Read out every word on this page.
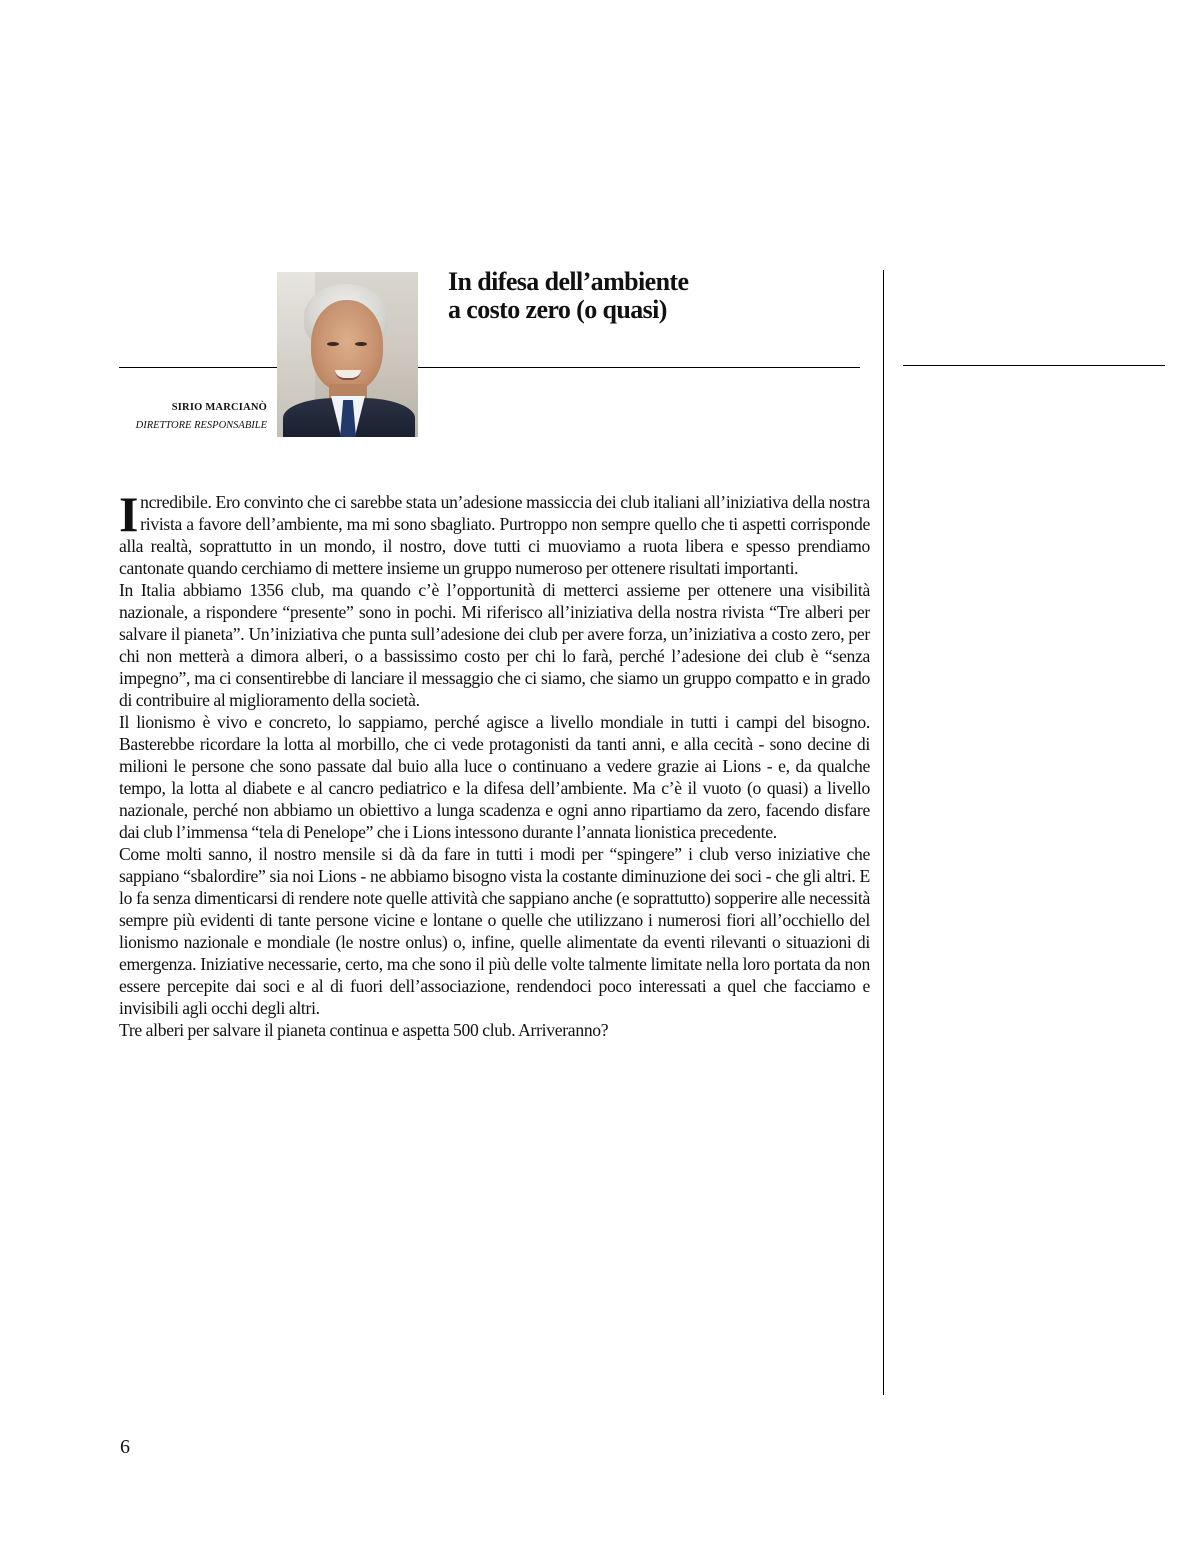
In difesa dell’ambiente
a costo zero (o quasi)
SIRIO MARCIANÒ
DIRETTORE RESPONSABILE

Incredibile. Ero convinto che ci sarebbe stata un’adesione massiccia dei club italiani all’iniziativa della nostra rivista a favore dell’ambiente, ma mi sono sbagliato. Purtroppo non sempre quello che ti aspetti corrisponde alla realtà, soprattutto in un mondo, il nostro, dove tutti ci muoviamo a ruota libera e spesso prendiamo cantonate quando cerchiamo di mettere insieme un gruppo numeroso per ottenere risultati importanti.

In Italia abbiamo 1356 club, ma quando c’è l’opportunità di metterci assieme per ottenere una visibilità nazionale, a rispondere “presente” sono in pochi. Mi riferisco all’iniziativa della nostra rivista “Tre alberi per salvare il pianeta”. Un’iniziativa che punta sull’adesione dei club per avere forza, un’iniziativa a costo zero, per chi non metterà a dimora alberi, o a bassissimo costo per chi lo farà, perché l’adesione dei club è “senza impegno”, ma ci consentirebbe di lanciare il messaggio che ci siamo, che siamo un gruppo compatto e in grado di contribuire al miglioramento della società.

Il lionismo è vivo e concreto, lo sappiamo, perché agisce a livello mondiale in tutti i campi del bisogno. Basterebbe ricordare la lotta al morbillo, che ci vede protagonisti da tanti anni, e alla cecità - sono decine di milioni le persone che sono passate dal buio alla luce o continuano a vedere grazie ai Lions - e, da qualche tempo, la lotta al diabete e al cancro pediatrico e la difesa dell’ambiente. Ma c’è il vuoto (o quasi) a livello nazionale, perché non abbiamo un obiettivo a lunga scadenza e ogni anno ripartiamo da zero, facendo disfare dai club l’immensa “tela di Penelope” che i Lions intessono durante l’annata lionistica precedente.

Come molti sanno, il nostro mensile si dà da fare in tutti i modi per “spingere” i club verso iniziative che sappiano “sbalordire” sia noi Lions - ne abbiamo bisogno vista la costante diminuzione dei soci - che gli altri. E lo fa senza dimenticarsi di rendere note quelle attività che sappiano anche (e soprattutto) sopperire alle necessità sempre più evidenti di tante persone vicine e lontane o quelle che utilizzano i numerosi fiori all’occhiello del lionismo nazionale e mondiale (le nostre onlus) o, infine, quelle alimentate da eventi rilevanti o situazioni di emergenza. Iniziative necessarie, certo, ma che sono il più delle volte talmente limitate nella loro portata da non essere percepite dai soci e al di fuori dell’associazione, rendendoci poco interessati a quel che facciamo e invisibili agli occhi degli altri.

Tre alberi per salvare il pianeta continua e aspetta 500 club. Arriveranno?

6
